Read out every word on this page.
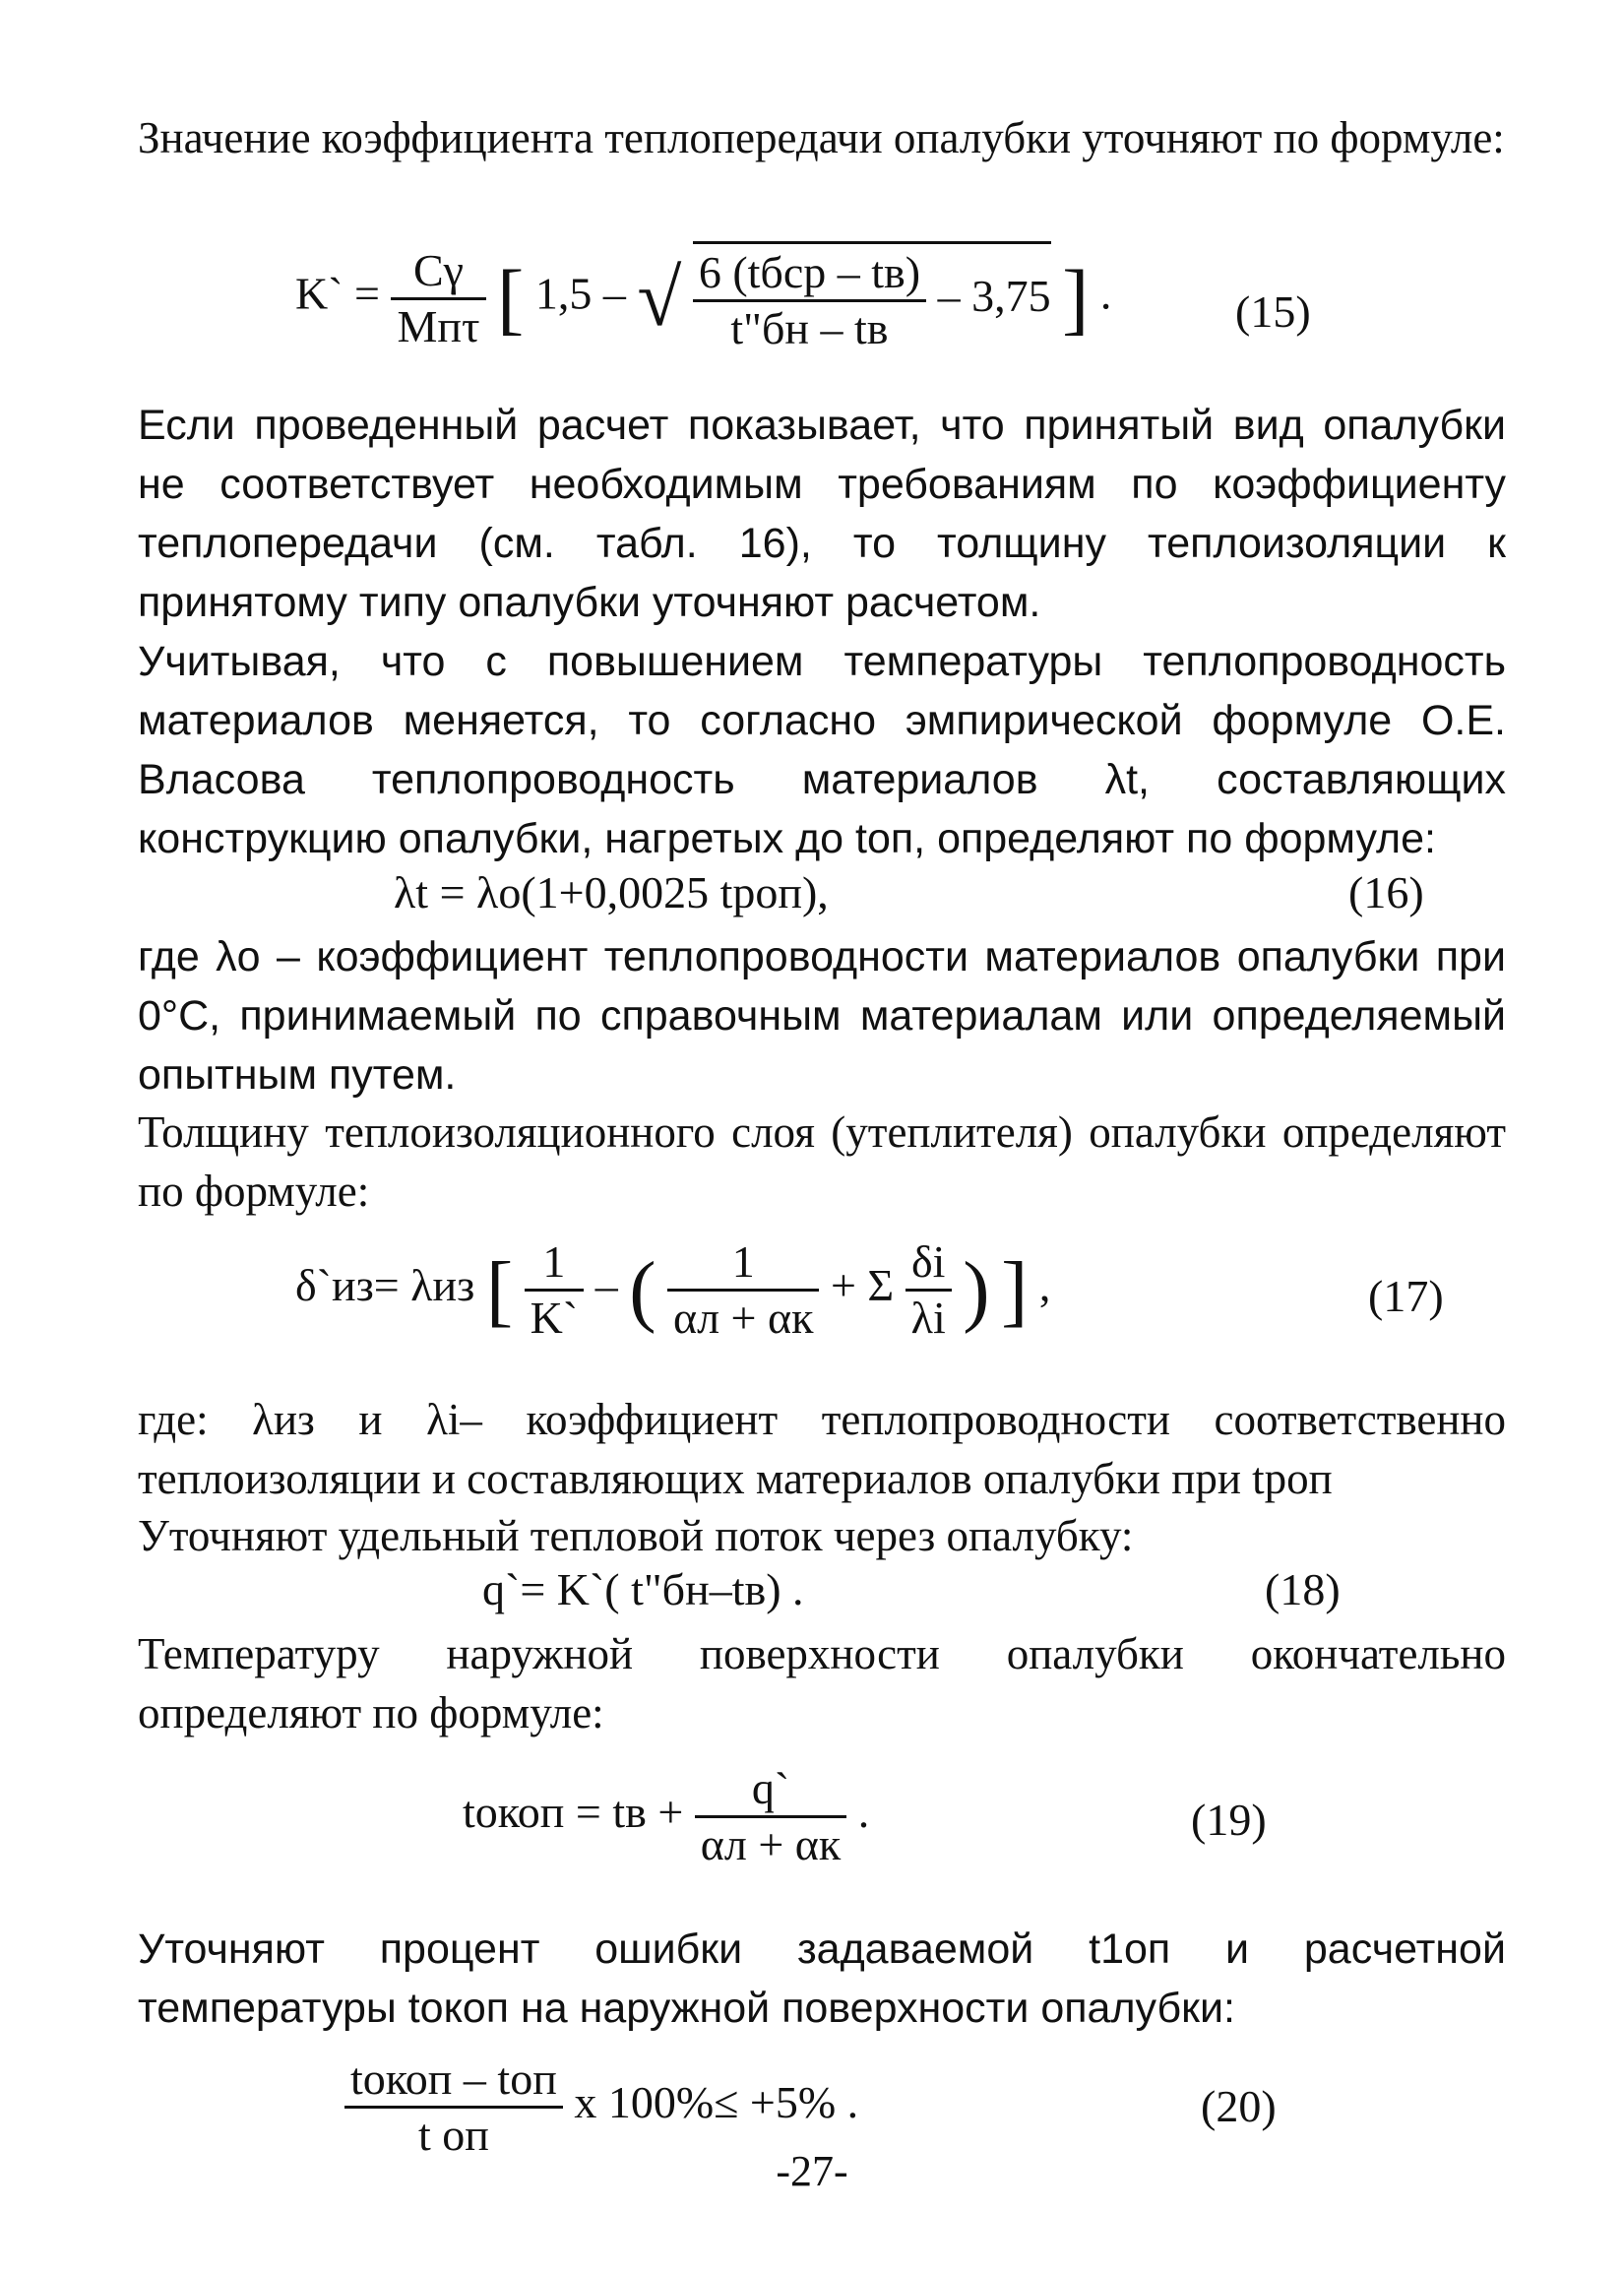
Значение коэффициента теплопередачи опалубки уточняют по формуле:

K` = $\frac{C\gamma}{\text{Mпτ}}$ [ 1,5 – √ $\frac{\text{6 (tбср – tв)}}{t"бн - tв} - 3,75$ ] .	(15)

Если проведенный расчет показывает, что принятый вид опалубки не соответствует необходимым требованиям по коэффициенту теплопередачи (см. табл. 16), то толщину теплоизоляции к принятому типу опалубки уточняют расчетом.

Учитывая, что с повышением температуры теплопроводность материалов меняется, то согласно эмпирической формуле О.Е. Власова теплопроводность материалов λt, составляющих конструкцию опалубки, нагретых до tоп, определяют по формуле:

λt = λo(1+0,0025 tpоп),	(16)

где λo – коэффициент теплопроводности материалов опалубки при 0°С, принимаемый по справочным материалам или определяемый опытным путем.

Толщину теплоизоляционного слоя (утеплителя) опалубки определяют по формуле:

δ`из= λиз [ $\frac{1}{K`}$ – ( $\frac{1}{\alpha л + \alpha к} + \Sigma \frac{\delta i}{\lambda i}$ ) ] ,	(17)

где: λиз и λi– коэффициент теплопроводности соответственно теплоизоляции и составляющих материалов опалубки при tpоп

Уточняют удельный тепловой поток через опалубку:

q`= K`( t"бн–tв) .	(18)

Температуру наружной поверхности опалубки окончательно определяют по формуле:

tокоп = tв + $\frac{q`}{\alpha л + \alpha к}$ .	(19)

Уточняют процент ошибки задаваемой t1оп и расчетной температуры tокоп на наружной поверхности опалубки:

$\frac{\text{tокоп – tоп}}{\text{t оп}}$ x 100%≤ +5% .	(20)
-27-
